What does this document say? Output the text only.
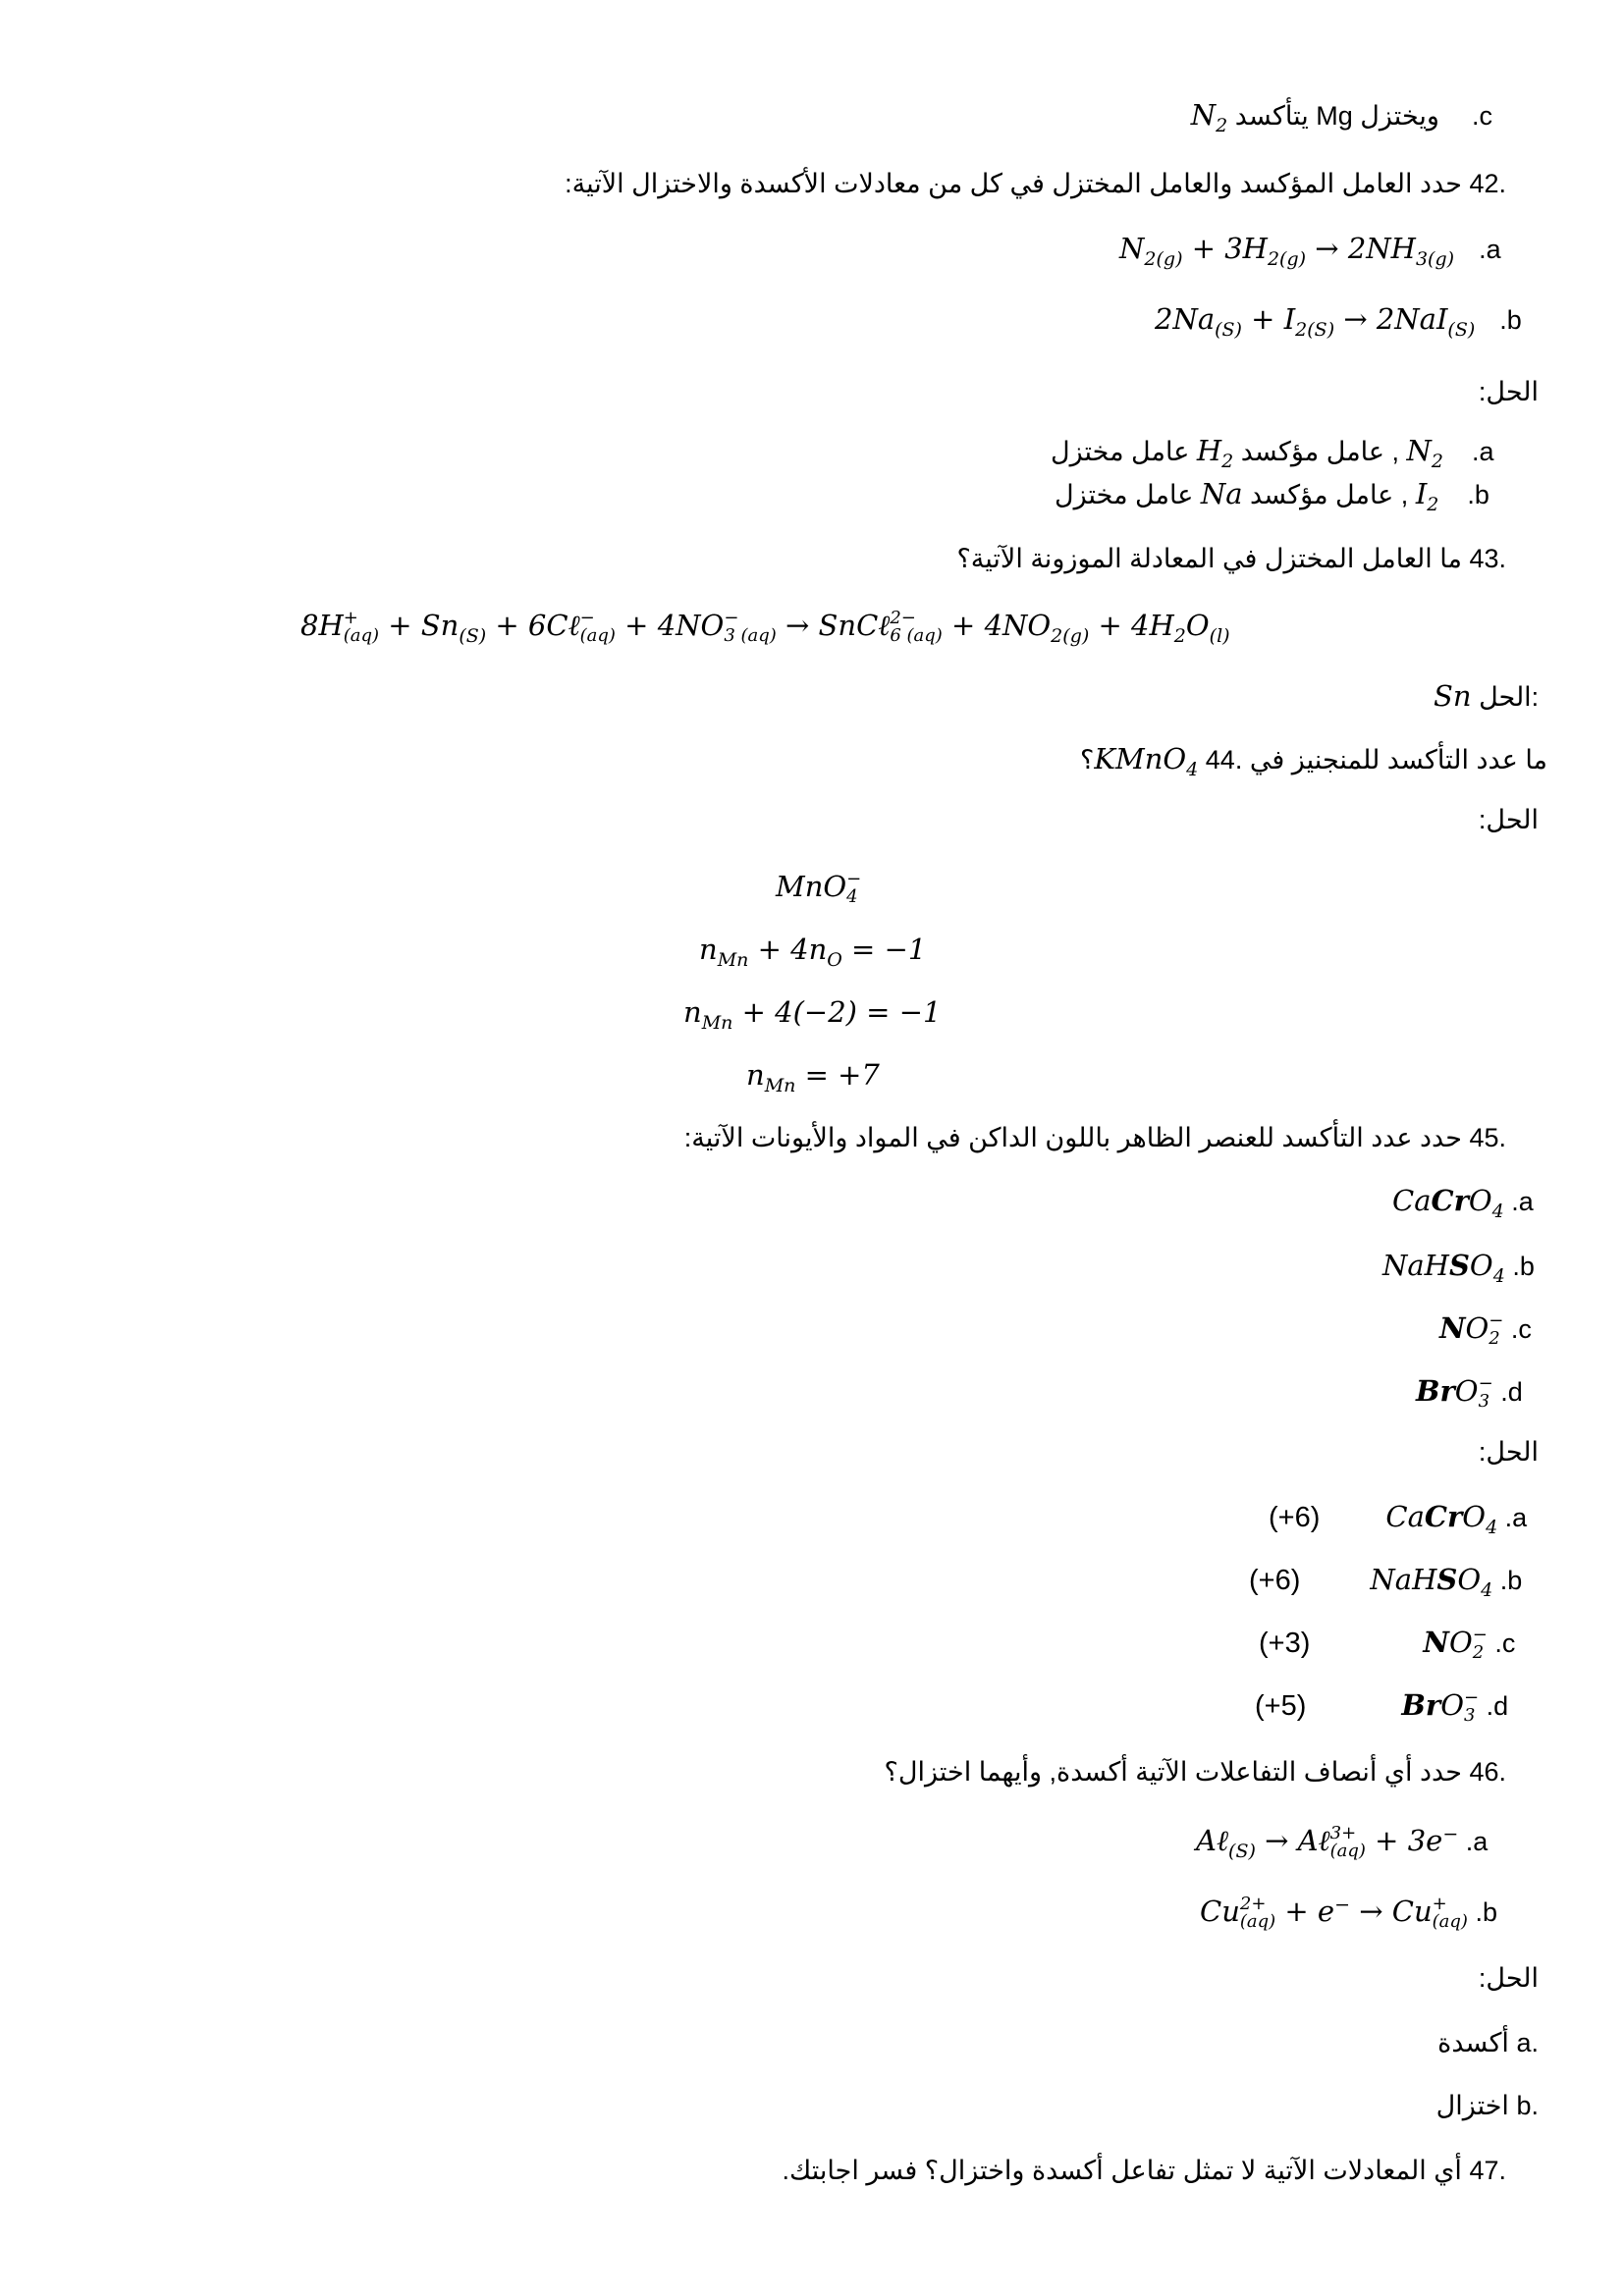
$N_2$ يتأكسد Mg ويختزل .c
.42 حدد العامل المؤكسد والعامل المختزل في كل من معادلات الأكسدة والاختزال الآتية:
$N_{2(g)} + 3H_{2(g)} \to 2NH_{3(g)}$ .a
$2Na_{(S)} + I_{2(S)} \to 2NaI_{(S)}$ .b
الحل:
عامل مختزل $H_2$ عامل مؤكسد , $N_2$ .a
عامل مختزل Na عامل مؤكسد , $I_2$ .b
.43 ما العامل المختزل في المعادلة الموزونة الآتية؟
8H +
$(aq) + Sn_{(S)}$ + 6Cℓ −
(aq) + 4NO −
3 (aq) → SnCℓ 2−
6 $(aq) + 4NO_{2(g)} + 4H_2O_{(l)}$
Sn الحل:
؟KMnO$_4$ ما عدد التأكسد للمنجنيز في .44
الحل:
MnO −
4
$n_{Mn} + 4n_O = -1$
$n_{Mn} + 4(-2) = -1$
$n_{Mn} = +7$
.45 حدد عدد التأكسد للعنصر الظاهر باللون الداكن في المواد والأيونات الآتية:
CaCrO$_4$ .a
NaHSO$_4$ .b
NO −
2 .c
BrO −
3 .d
الحل:
(+6) CaCrO$_4$ .a
(+6) NaHSO$_4$ .b
(+3)	NO −
2 .c
(+5)	BrO −
3 .d
.46 حدد أي أنصاف التفاعلات الآتية أكسدة, وأيهما اختزال؟
Aℓ$_{(S)}$ → Aℓ 3+
(aq) + 3e− .a
Cu 2+
(aq) + e− → Cu +
(aq) .b
الحل:
.a أكسدة
.b اختزال
.47 أي المعادلات الآتية لا تمثل تفاعل أكسدة واختزال؟ فسر اجابتك.
